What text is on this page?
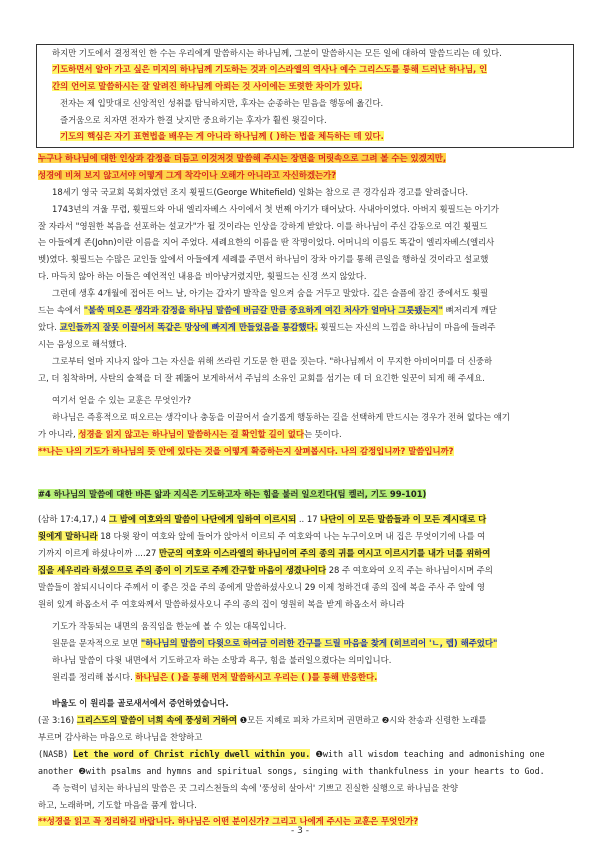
하지만 기도에서 결정적인 한 수는 우리에게 말씀하시는 하나님께, 그분이 말씀하시는 모든 일에 대하여 말씀드리는 데 있다.
기도하면서 알아 가고 싶은 미지의 하나님께 기도하는 것과 이스라엘의 역사나 예수 그리스도를 통해 드러난 하나님, 인
간의 언어로 말씀하시는 잘 알려진 하나님께 아뢰는 것 사이에는 또렷한 차이가 있다.
전자는 제 입맛대로 신앙적인 성취를 탐닉하지만, 후자는 순종하는 믿음을 행동에 옮긴다.
즐거움으로 치자면 전자가 한결 낫지만 중요하기는 후자가 훨씬 윗길이다.
기도의 핵심은 자기 표현법을 배우는 게 아니라 하나님께 ( )하는 법을 체득하는 데 있다.
누구나 하나님에 대한 인상과 감정을 더듬고 이것저것 말씀해 주시는 장면을 머릿속으로 그려 볼 수는 있겠지만,
성경에 비쳐 보지 않고서야 어떻게 그게 착각이나 오해가 아니라고 자신하겠는가?
18세기 영국 국교회 목회자였던 조지 휫필드(George Whitefield) 일화는 참으로 큰 경각심과 경고를 알려줍니다.
1743년의 겨울 무렵, 휫필드와 아내 엘리자베스 사이에서 첫 번째 아기가 태어났다. 사내아이였다. 아버지 휫필드는 아기가
잘 자라서 "영원한 복음을 선포하는 설교가"가 될 것이라는 인상을 강하게 받았다. 이를 하나님이 주신 감동으로 여긴 휫필드
는 아들에게 존(John)이란 이름을 지어 주었다. 세례요한의 이름을 딴 작명이었다. 어머니의 이름도 똑같이 엘리자베스(엘리사
벳)였다. 휫필드는 수많은 교인들 앞에서 아들에게 세례를 주면서 하나님이 장차 아기를 통해 큰일을 행하실 것이라고 설교했
다. 마득치 않아 하는 이들은 예언적인 내용을 비아냥거렸지만, 휫필드는 신경 쓰지 않았다.
그런데 생후 4개월에 접어든 어느 날, 아기는 갑자기 발작을 일으켜 숨을 거두고 말았다. 깊은 슬픔에 잠긴 중에서도 휫필
드는 속에서 "불쑥 떠오른 생각과 감정을 하나님 말씀에 버금갈 만큼 중요하게 여긴 처사가 얼마나 그릇됐는지" 뼈저리게 깨닫
았다. 교인들까지 잘못 이끌어서 똑같은 망상에 빠지게 만들었음을 통감했다. 휫필드는 자신의 느낌을 하나님이 마음에 들려주
시는 음성으로 해석했다.
그로부터 얼마 지나지 않아 그는 자신을 위해 쓰라린 기도문 한 편을 짓는다. "하나님께서 이 무지한 아비어미를 더 신중하
고, 더 침착하며, 사탄의 술책을 더 잘 꿰뚫어 보게하셔서 주님의 소유인 교회를 섬기는 데 더 요긴한 일꾼이 되게 해 주세요.
여기서 얻을 수 있는 교훈은 무엇인가?
하나님은 즉흥적으로 떠오르는 생각이나 충동을 이끌어서 슬기롭게 행동하는 길을 선택하게 만드시는 경우가 전혀 없다는 얘기
가 아니라, 성경을 읽지 않고는 하나님이 말씀하시는 걸 확인할 길이 없다는 뜻이다.
**나는 나의 기도가 하나님의 뜻 안에 있다는 것을 어떻게 확증하는지 살펴봅시다. 나의 감정입니까? 말씀입니까?
#4 하나님의 말씀에 대한 바른 앎과 지식은 기도하고자 하는 힘을 불러 일으킨다(팀 켈러, 기도 99-101)
(삼하 17:4,17,) 4 그 밤에 여호와의 말씀이 나단에게 임하여 이르시되 .. 17 나단이 이 모든 말씀들과 이 모든 계시대로 다
윗에게 말하니라 18 다윗 왕이 여호와 앞에 들어가 앉아서 이르되 주 여호와여 나는 누구이오며 내 집은 무엇이기에 나를 여
기까지 이르게 하셨나이까 ....27 만군의 여호와 이스라엘의 하나님이여 주의 종의 귀를 여시고 이르시기를 내가 너를 위하여
집을 세우리라 하셨으므로 주의 종이 이 기도로 주께 간구할 마음이 생겼나이다 28 주 여호와여 오직 주는 하나님이시며 주의
말씀들이 참되시니이다 주께서 이 좋은 것을 주의 종에게 말씀하셨사오니 29 이제 청하건대 종의 집에 복을 주사 주 앞에 영
원히 있게 하옵소서 주 여호와께서 말씀하셨사오니 주의 종의 집이 영원히 복을 받게 하옵소서 하니라
기도가 작동되는 내면의 움직임을 한눈에 볼 수 있는 대목입니다.
원문을 문자적으로 보면 "하나님의 말씀이 다윗으로 하여금 이러한 간구를 드릴 마음을 찾게 (히브리어 'ㄴ, 렙) 해주었다"
하나님 말씀이 다윗 내면에서 기도하고자 하는 소망과 욕구, 힘을 불러일으켰다는 의미입니다.
원리를 정리해 봅시다. 하나님은 ( )을 통해 먼저 말씀하시고 우리는 ( )를 통해 반응한다.
바울도 이 원리를 골로새서에서 증언하였습니다.
(골 3:16) 그리스도의 말씀이 너희 속에 풍성히 거하여 ❶모든 지혜로 피차 가르치며 권면하고 ❷시와 찬송과 신령한 노래를
부르며 감사하는 마음으로 하나님을 찬양하고
(NASB) Let the word of Christ richly dwell within you. ❶with all wisdom teaching and admonishing one
another ❷with psalms and hymns and spiritual songs, singing with thankfulness in your hearts to God.
즉 능력이 넘치는 하나님의 말씀은 곳 그리스천들의 속에 '풍성히 살아서' 기쁘고 진실한 실행으로 하나님을 찬양
하고, 노래하며, 기도할 마음을 품게 합니다.
**성경을 읽고 꼭 정리하길 바랍니다. 하나님은 어떤 분이신가? 그리고 나에게 주시는 교훈은 무엇인가?
- 3 -
